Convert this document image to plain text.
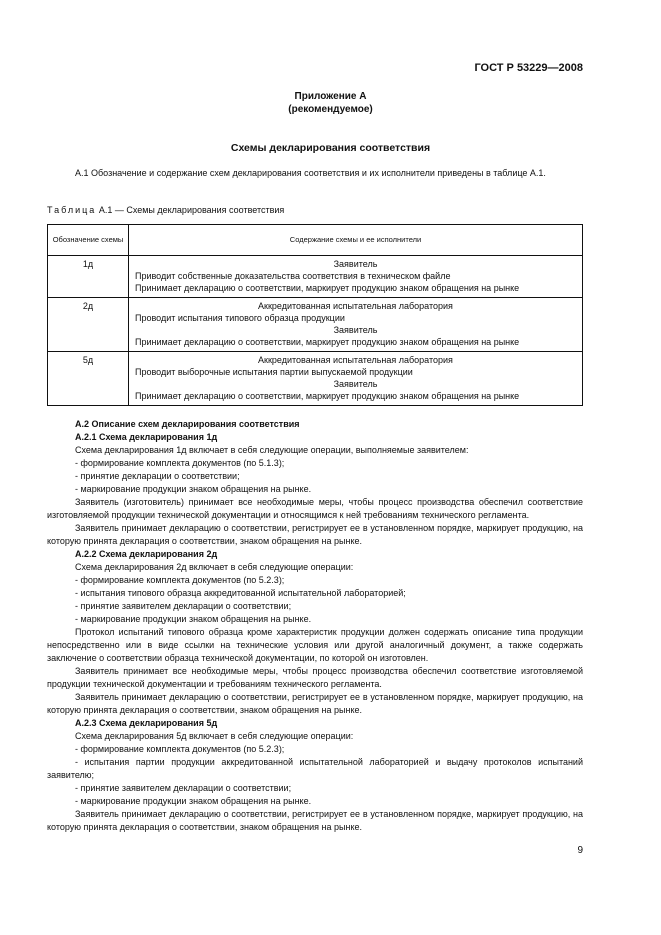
ГОСТ Р 53229—2008
Приложение А
(рекомендуемое)
Схемы декларирования соответствия
А.1 Обозначение и содержание схем декларирования соответствия и их исполнители приведены в таблице А.1.
Таблица А.1 — Схемы декларирования соответствия
Обозначение схемы	Содержание схемы и ее исполнители
1д	Заявитель
Приводит собственные доказательства соответствия в техническом файле
Принимает декларацию о соответствии, маркирует продукцию знаком обращения на рынке

2д	Аккредитованная испытательная лаборатория
Проводит испытания типового образца продукции
Заявитель
Принимает декларацию о соответствии, маркирует продукцию знаком обращения на рынке

5д	Аккредитованная испытательная лаборатория
Проводит выборочные испытания партии выпускаемой продукции
Заявитель
Принимает декларацию о соответствии, маркирует продукцию знаком обращения на рынке
А.2 Описание схем декларирования соответствия
А.2.1 Схема декларирования 1д
Схема декларирования 1д включает в себя следующие операции, выполняемые заявителем:
- формирование комплекта документов (по 5.1.3);
- принятие декларации о соответствии;
- маркирование продукции знаком обращения на рынке.
Заявитель (изготовитель) принимает все необходимые меры, чтобы процесс производства обеспечил соответствие изготовляемой продукции технической документации и относящимся к ней требованиям технического регламента.
Заявитель принимает декларацию о соответствии, регистрирует ее в установленном порядке, маркирует продукцию, на которую принята декларация о соответствии, знаком обращения на рынке.
А.2.2 Схема декларирования 2д
Схема декларирования 2д включает в себя следующие операции:
- формирование комплекта документов (по 5.2.3);
- испытания типового образца аккредитованной испытательной лабораторией;
- принятие заявителем декларации о соответствии;
- маркирование продукции знаком обращения на рынке.
Протокол испытаний типового образца кроме характеристик продукции должен содержать описание типа продукции непосредственно или в виде ссылки на технические условия или другой аналогичный документ, а также содержать заключение о соответствии образца технической документации, по которой он изготовлен.
Заявитель принимает все необходимые меры, чтобы процесс производства обеспечил соответствие изготовляемой продукции технической документации и требованиям технического регламента.
Заявитель принимает декларацию о соответствии, регистрирует ее в установленном порядке, маркирует продукцию, на которую принята декларация о соответствии, знаком обращения на рынке.
А.2.3 Схема декларирования 5д
Схема декларирования 5д включает в себя следующие операции:
- формирование комплекта документов (по 5.2.3);
- испытания партии продукции аккредитованной испытательной лабораторией и выдачу протоколов испытаний заявителю;
- принятие заявителем декларации о соответствии;
- маркирование продукции знаком обращения на рынке.
Заявитель принимает декларацию о соответствии, регистрирует ее в установленном порядке, маркирует продукцию, на которую принята декларация о соответствии, знаком обращения на рынке.
9
